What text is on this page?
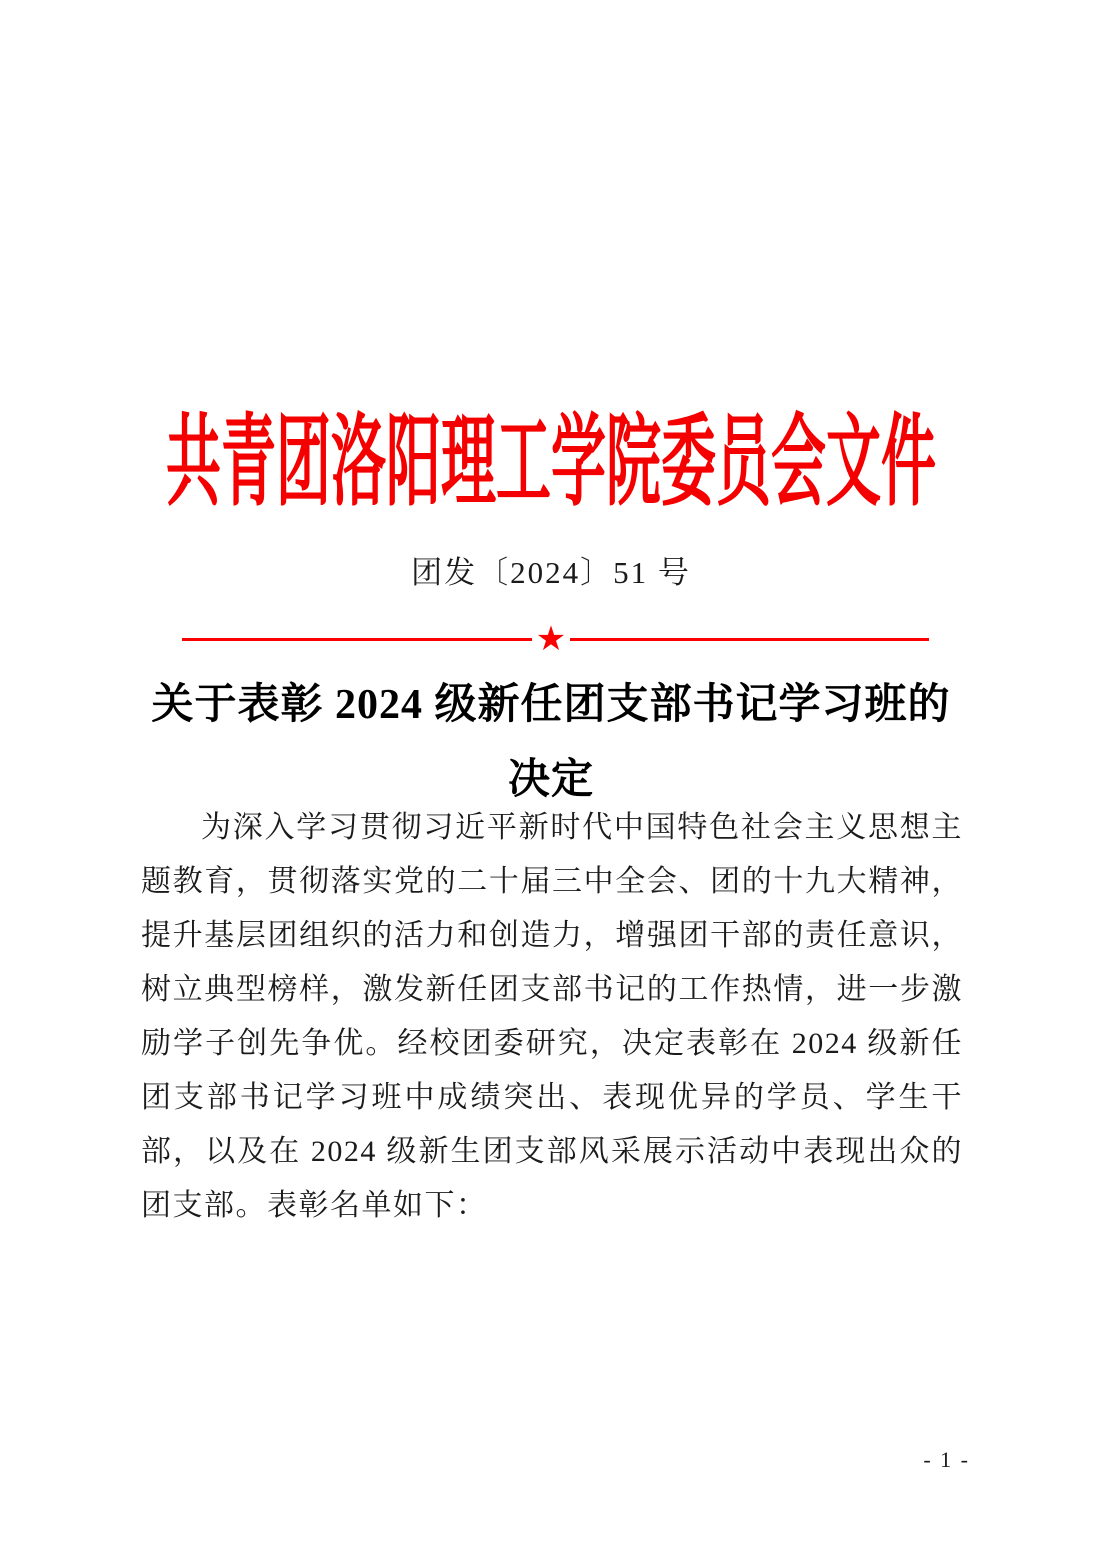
共青团洛阳理工学院委员会文件
团发〔2024〕51 号
★
关于表彰 2024 级新任团支部书记学习班的
决定
为深入学习贯彻习近平新时代中国特色社会主义思想主题教育，贯彻落实党的二十届三中全会、团的十九大精神，提升基层团组织的活力和创造力，增强团干部的责任意识，树立典型榜样，激发新任团支部书记的工作热情，进一步激励学子创先争优。经校团委研究，决定表彰在 2024 级新任团支部书记学习班中成绩突出、表现优异的学员、学生干部，以及在 2024 级新生团支部风采展示活动中表现出众的团支部。表彰名单如下：
- 1 -
